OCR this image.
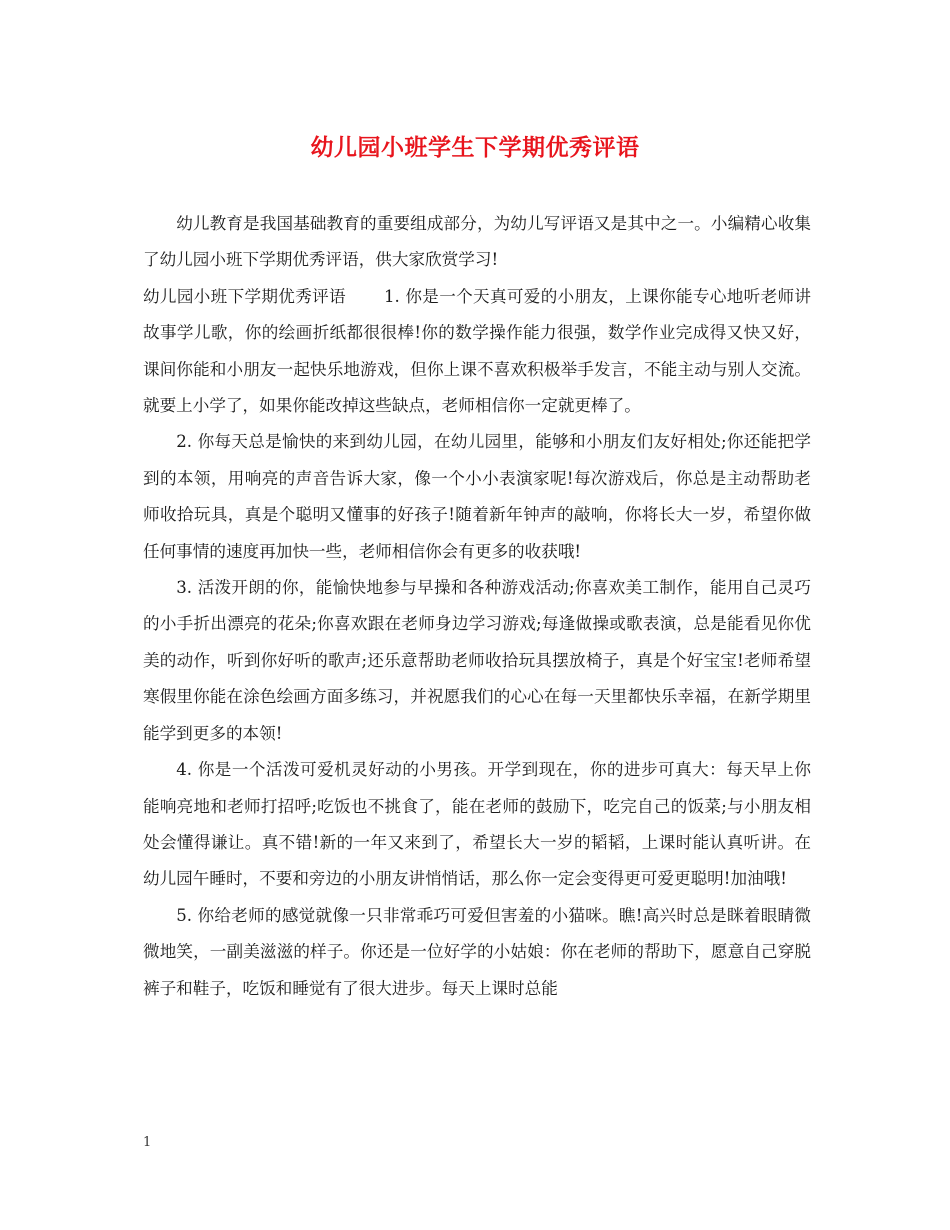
幼儿园小班学生下学期优秀评语

幼儿教育是我国基础教育的重要组成部分，为幼儿写评语又是其中之一。小编精心收集了幼儿园小班下学期优秀评语，供大家欣赏学习!

幼儿园小班下学期优秀评语 1. 你是一个天真可爱的小朋友，上课你能专心地听老师讲故事学儿歌，你的绘画折纸都很很棒!你的数学操作能力很强，数学作业完成得又快又好，课间你能和小朋友一起快乐地游戏，但你上课不喜欢积极举手发言，不能主动与别人交流。就要上小学了，如果你能改掉这些缺点，老师相信你一定就更棒了。

2. 你每天总是愉快的来到幼儿园，在幼儿园里，能够和小朋友们友好相处;你还能把学到的本领，用响亮的声音告诉大家，像一个小小表演家呢!每次游戏后，你总是主动帮助老师收拾玩具，真是个聪明又懂事的好孩子!随着新年钟声的敲响，你将长大一岁，希望你做任何事情的速度再加快一些，老师相信你会有更多的收获哦!

3. 活泼开朗的你，能愉快地参与早操和各种游戏活动;你喜欢美工制作，能用自己灵巧的小手折出漂亮的花朵;你喜欢跟在老师身边学习游戏;每逢做操或歌表演，总是能看见你优美的动作，听到你好听的歌声;还乐意帮助老师收拾玩具摆放椅子，真是个好宝宝!老师希望寒假里你能在涂色绘画方面多练习，并祝愿我们的心心在每一天里都快乐幸福，在新学期里能学到更多的本领!

4. 你是一个活泼可爱机灵好动的小男孩。开学到现在，你的进步可真大：每天早上你能响亮地和老师打招呼;吃饭也不挑食了，能在老师的鼓励下，吃完自己的饭菜;与小朋友相处会懂得谦让。真不错!新的一年又来到了，希望长大一岁的韬韬，上课时能认真听讲。在幼儿园午睡时，不要和旁边的小朋友讲悄悄话，那么你一定会变得更可爱更聪明!加油哦!

5. 你给老师的感觉就像一只非常乖巧可爱但害羞的小猫咪。瞧!高兴时总是眯着眼睛微微地笑，一副美滋滋的样子。你还是一位好学的小姑娘：你在老师的帮助下，愿意自己穿脱裤子和鞋子，吃饭和睡觉有了很大进步。每天上课时总能

1
